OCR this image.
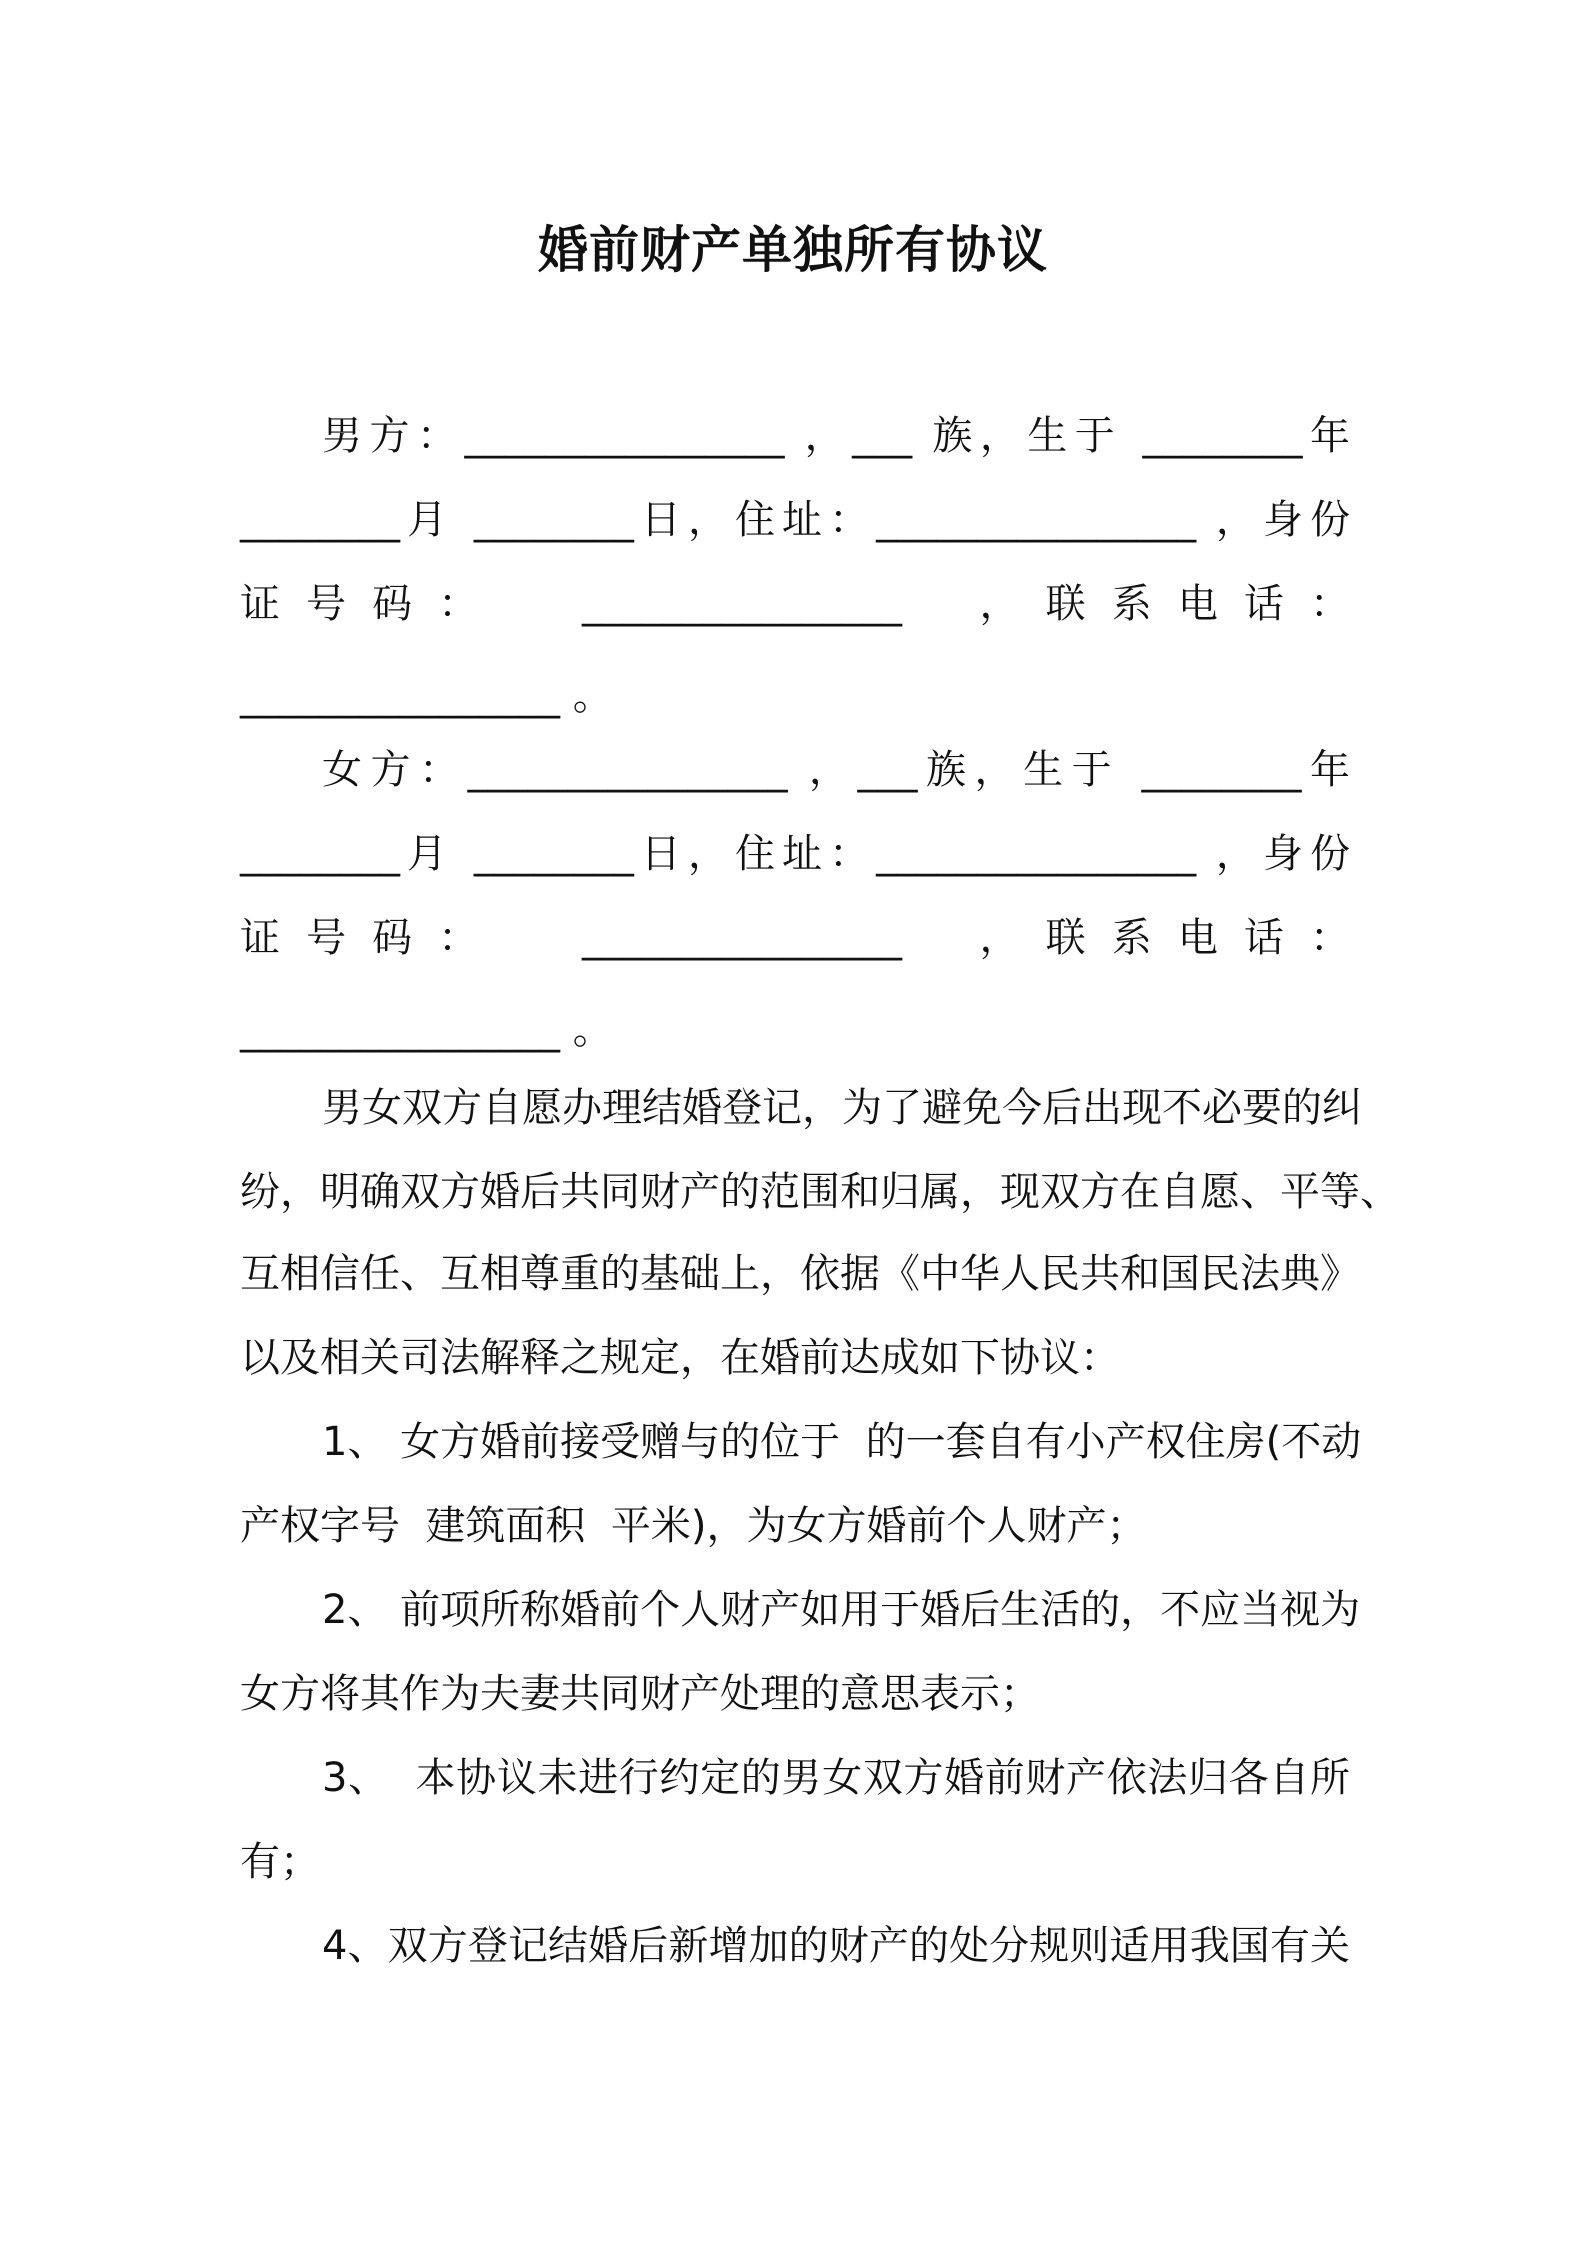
婚前财产单独所有协议
男方：________________ ，___ 族，生于 ________年
________月 ________日，住址：________________ ，身份
证号码：  ________________  ，联系电话：
________________ 。
女方：________________ ，___族，生于 ________年
________月 ________日，住址：________________ ，身份
证号码：  ________________  ，联系电话：
________________ 。
男女双方自愿办理结婚登记，为了避免今后出现不必要的纠
纷，明确双方婚后共同财产的范围和归属，现双方在自愿、平等、
互相信任、互相尊重的基础上，依据《中华人民共和国民法典》
以及相关司法解释之规定，在婚前达成如下协议：
1、 女方婚前接受赠与的位于  的一套自有小产权住房(不动
产权字号  建筑面积  平米)，为女方婚前个人财产；
2、 前项所称婚前个人财产如用于婚后生活的，不应当视为
女方将其作为夫妻共同财产处理的意思表示；
3、  本协议未进行约定的男女双方婚前财产依法归各自所
有；
4、双方登记结婚后新增加的财产的处分规则适用我国有关
